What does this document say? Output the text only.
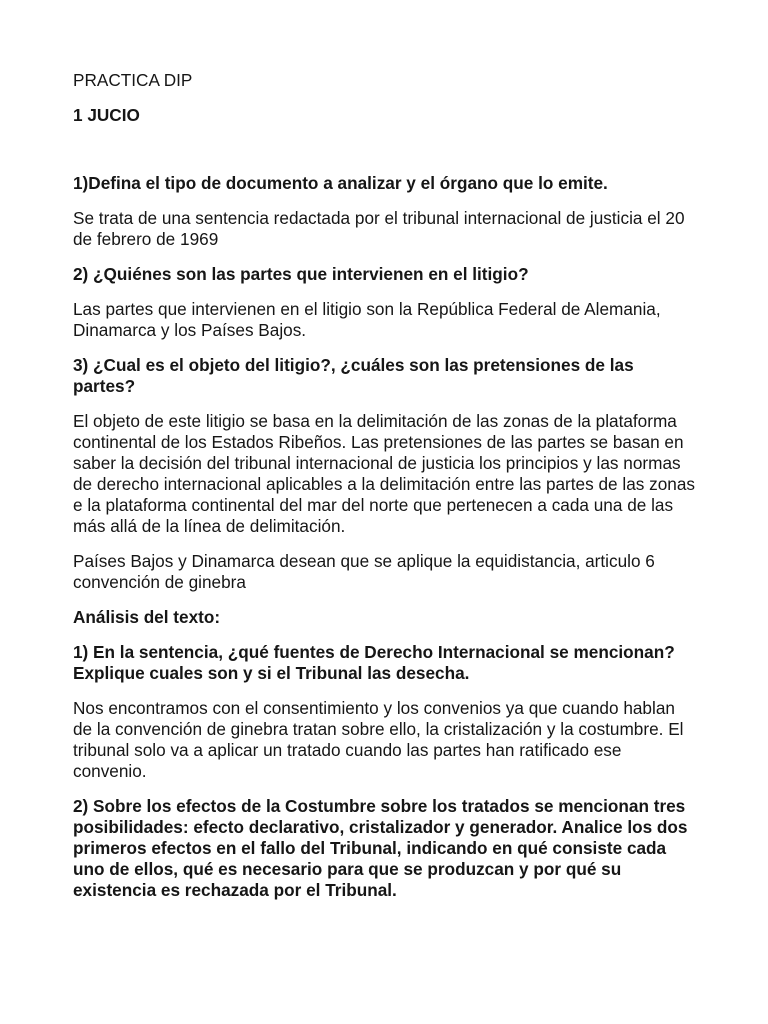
PRACTICA DIP

1 JUCIO

1)Defina el tipo de documento a analizar y el órgano que lo emite.

Se trata de una sentencia redactada por el tribunal internacional de justicia el 20 de febrero de 1969

2) ¿Quiénes son las partes que intervienen en el litigio?

Las partes que intervienen en el litigio son la República Federal de Alemania, Dinamarca y los Países Bajos.

3) ¿Cual es el objeto del litigio?, ¿cuáles son las pretensiones de las partes?

El objeto de este litigio se basa en la delimitación de las zonas de la plataforma continental de los Estados Ribeños. Las pretensiones de las partes se basan en saber la decisión del tribunal internacional de justicia los principios y las normas de derecho internacional aplicables a la delimitación entre las partes de las zonas e la plataforma continental del mar del norte que pertenecen a cada una de las más allá de la línea de delimitación.

Países Bajos y Dinamarca desean que se aplique la equidistancia, articulo 6 convención de ginebra

Análisis del texto:

1) En la sentencia, ¿qué fuentes de Derecho Internacional se mencionan? Explique cuales son y si el Tribunal las desecha.

Nos encontramos con el consentimiento y los convenios ya que cuando hablan de la convención de ginebra tratan sobre ello, la cristalización y la costumbre. El tribunal solo va a aplicar un tratado cuando las partes han ratificado ese convenio.

2) Sobre los efectos de la Costumbre sobre los tratados se mencionan tres posibilidades: efecto declarativo, cristalizador y generador. Analice los dos primeros efectos en el fallo del Tribunal, indicando en qué consiste cada uno de ellos, qué es necesario para que se produzcan y por qué su existencia es rechazada por el Tribunal.
